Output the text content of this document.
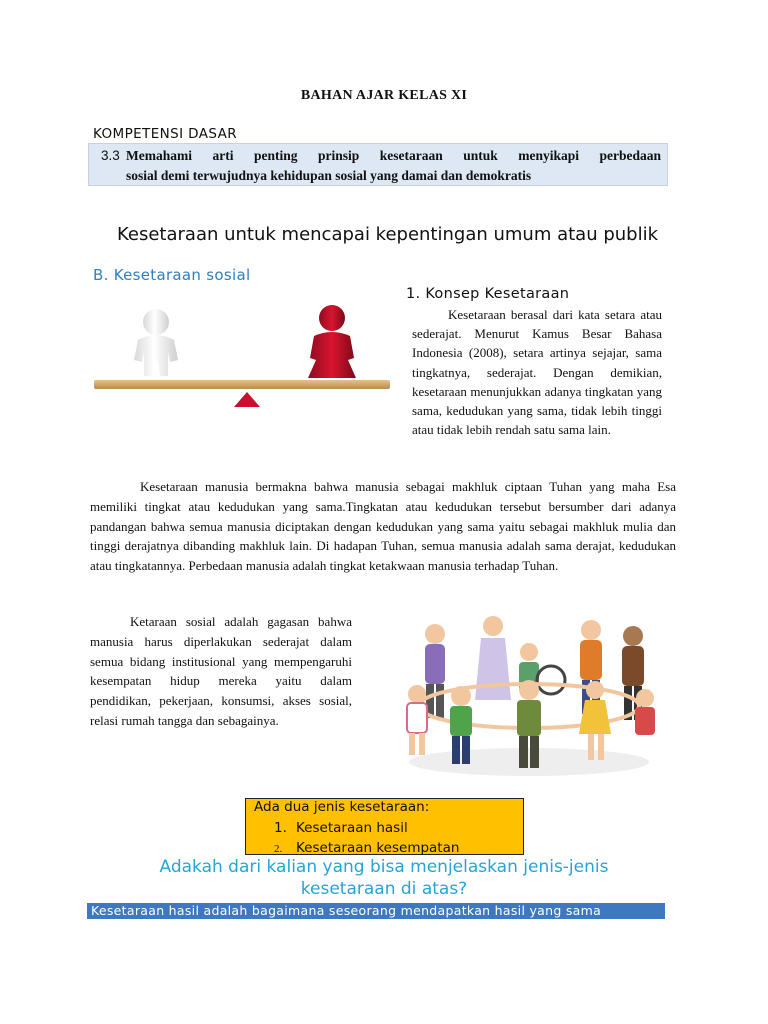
BAHAN AJAR KELAS XI
KOMPETENSI DASAR
3.3 Memahami arti penting prinsip kesetaraan untuk menyikapi perbedaan
sosial demi terwujudnya kehidupan sosial yang damai dan demokratis
Kesetaraan untuk mencapai kepentingan umum atau publik
B. Kesetaraan sosial
1. Konsep Kesetaraan

Kesetaraan berasal dari kata setara atau sederajat. Menurut Kamus Besar Bahasa Indonesia (2008), setara artinya sejajar, sama tingkatnya, sederajat. Dengan demikian, kesetaraan menunjukkan adanya tingkatan yang sama, kedudukan yang sama, tidak lebih tinggi atau tidak lebih rendah satu sama lain.

Kesetaraan manusia bermakna bahwa manusia sebagai makhluk ciptaan Tuhan yang maha Esa memiliki tingkat atau kedudukan yang sama.Tingkatan atau kedudukan tersebut bersumber dari adanya pandangan bahwa semua manusia diciptakan dengan kedudukan yang sama yaitu sebagai makhluk mulia dan tinggi derajatnya dibanding makhluk lain. Di hadapan Tuhan, semua manusia adalah sama derajat, kedudukan atau tingkatannya. Perbedaan manusia adalah tingkat ketakwaan manusia terhadap Tuhan.

Ketaraan sosial adalah gagasan bahwa manusia harus diperlakukan sederajat dalam semua bidang institusional yang mempengaruhi kesempatan hidup mereka yaitu dalam pendidikan, pekerjaan, konsumsi, akses sosial, relasi rumah tangga dan sebagainya.

Ada dua jenis kesetaraan:
1. Kesetaraan hasil
2. Kesetaraan kesempatan
Adakah dari kalian yang bisa menjelaskan jenis-jenis
kesetaraan di atas?
Kesetaraan hasil adalah bagaimana seseorang mendapatkan hasil yang sama
